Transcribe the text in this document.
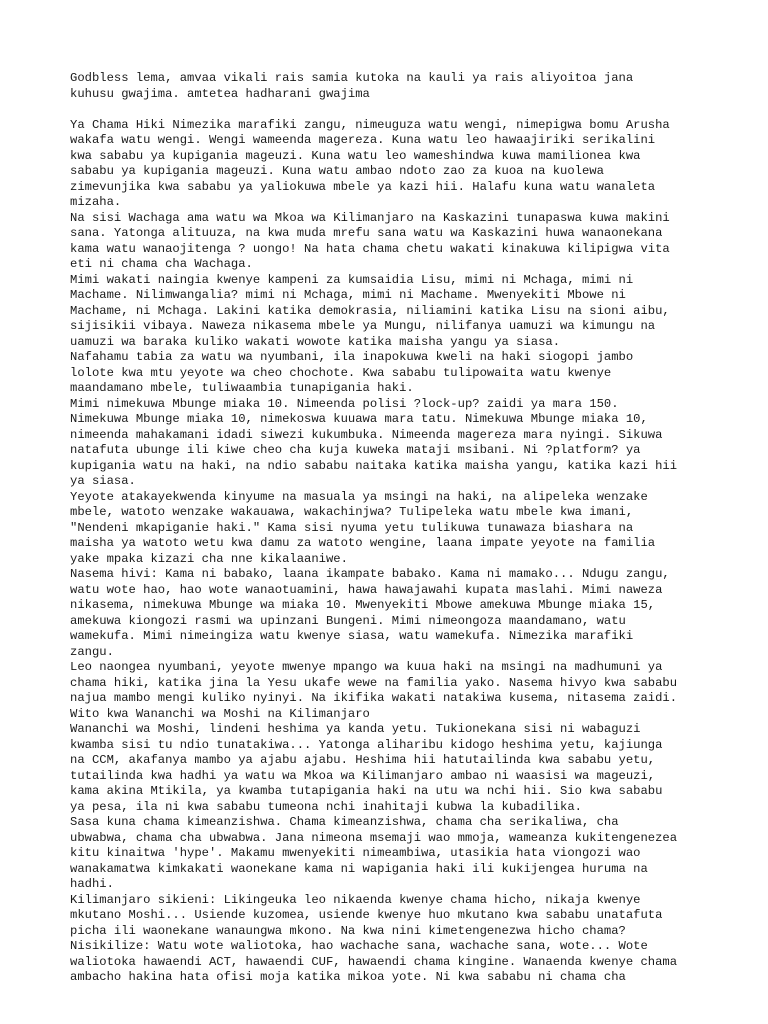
Godbless lema, amvaa vikali rais samia kutoka na kauli ya rais aliyoitoa jana
kuhusu gwajima. amtetea hadharani gwajima
Ya Chama Hiki Nimezika marafiki zangu, nimeuguza watu wengi, nimepigwa bomu Arusha
wakafa watu wengi. Wengi wameenda magereza. Kuna watu leo hawaajiriki serikalini
kwa sababu ya kupigania mageuzi. Kuna watu leo wameshindwa kuwa mamilionea kwa
sababu ya kupigania mageuzi. Kuna watu ambao ndoto zao za kuoa na kuolewa
zimevunjika kwa sababu ya yaliokuwa mbele ya kazi hii. Halafu kuna watu wanaleta
mizaha.
Na sisi Wachaga ama watu wa Mkoa wa Kilimanjaro na Kaskazini tunapaswa kuwa makini
sana. Yatonga alituuza, na kwa muda mrefu sana watu wa Kaskazini huwa wanaonekana
kama watu wanaojitenga ? uongo! Na hata chama chetu wakati kinakuwa kilipigwa vita
eti ni chama cha Wachaga.
Mimi wakati naingia kwenye kampeni za kumsaidia Lisu, mimi ni Mchaga, mimi ni
Machame. Nilimwangalia? mimi ni Mchaga, mimi ni Machame. Mwenyekiti Mbowe ni
Machame, ni Mchaga. Lakini katika demokrasia, niliamini katika Lisu na sioni aibu,
sijisikii vibaya. Naweza nikasema mbele ya Mungu, nilifanya uamuzi wa kimungu na
uamuzi wa baraka kuliko wakati wowote katika maisha yangu ya siasa.
Nafahamu tabia za watu wa nyumbani, ila inapokuwa kweli na haki siogopi jambo
lolote kwa mtu yeyote wa cheo chochote. Kwa sababu tulipowaita watu kwenye
maandamano mbele, tuliwaambia tunapigania haki.
Mimi nimekuwa Mbunge miaka 10. Nimeenda polisi ?lock-up? zaidi ya mara 150.
Nimekuwa Mbunge miaka 10, nimekoswa kuuawa mara tatu. Nimekuwa Mbunge miaka 10,
nimeenda mahakamani idadi siwezi kukumbuka. Nimeenda magereza mara nyingi. Sikuwa
natafuta ubunge ili kiwe cheo cha kuja kuweka mataji msibani. Ni ?platform? ya
kupigania watu na haki, na ndio sababu naitaka katika maisha yangu, katika kazi hii
ya siasa.
Yeyote atakayekwenda kinyume na masuala ya msingi na haki, na alipeleka wenzake
mbele, watoto wenzake wakauawa, wakachinjwa? Tulipeleka watu mbele kwa imani,
"Nendeni mkapiganie haki." Kama sisi nyuma yetu tulikuwa tunawaza biashara na
maisha ya watoto wetu kwa damu za watoto wengine, laana impate yeyote na familia
yake mpaka kizazi cha nne kikalaaniwe.
Nasema hivi: Kama ni babako, laana ikampate babako. Kama ni mamako... Ndugu zangu,
watu wote hao, hao wote wanaotuamini, hawa hawajawahi kupata maslahi. Mimi naweza
nikasema, nimekuwa Mbunge wa miaka 10. Mwenyekiti Mbowe amekuwa Mbunge miaka 15,
amekuwa kiongozi rasmi wa upinzani Bungeni. Mimi nimeongoza maandamano, watu
wamekufa. Mimi nimeingiza watu kwenye siasa, watu wamekufa. Nimezika marafiki
zangu.
Leo naongea nyumbani, yeyote mwenye mpango wa kuua haki na msingi na madhumuni ya
chama hiki, katika jina la Yesu ukafe wewe na familia yako. Nasema hivyo kwa sababu
najua mambo mengi kuliko nyinyi. Na ikifika wakati natakiwa kusema, nitasema zaidi.
Wito kwa Wananchi wa Moshi na Kilimanjaro
Wananchi wa Moshi, lindeni heshima ya kanda yetu. Tukionekana sisi ni wabaguzi
kwamba sisi tu ndio tunatakiwa... Yatonga aliharibu kidogo heshima yetu, kajiunga
na CCM, akafanya mambo ya ajabu ajabu. Heshima hii hatutailinda kwa sababu yetu,
tutailinda kwa hadhi ya watu wa Mkoa wa Kilimanjaro ambao ni waasisi wa mageuzi,
kama akina Mtikila, ya kwamba tutapigania haki na utu wa nchi hii. Sio kwa sababu
ya pesa, ila ni kwa sababu tumeona nchi inahitaji kubwa la kubadilika.
Sasa kuna chama kimeanzishwa. Chama kimeanzishwa, chama cha serikaliwa, cha
ubwabwa, chama cha ubwabwa. Jana nimeona msemaji wao mmoja, wameanza kukitengenezea
kitu kinaitwa 'hype'. Makamu mwenyekiti nimeambiwa, utasikia hata viongozi wao
wanakamatwa kimkakati waonekane kama ni wapigania haki ili kukijengea huruma na
hadhi.
Kilimanjaro sikieni: Likingeuka leo nikaenda kwenye chama hicho, nikaja kwenye
mkutano Moshi... Usiende kuzomea, usiende kwenye huo mkutano kwa sababu unatafuta
picha ili waonekane wanaungwa mkono. Na kwa nini kimetengenezwa hicho chama?
Nisikilize: Watu wote waliotoka, hao wachache sana, wachache sana, wote... Wote
waliotoka hawaendi ACT, hawaendi CUF, hawaendi chama kingine. Wanaenda kwenye chama
ambacho hakina hata ofisi moja katika mikoa yote. Ni kwa sababu ni chama cha
